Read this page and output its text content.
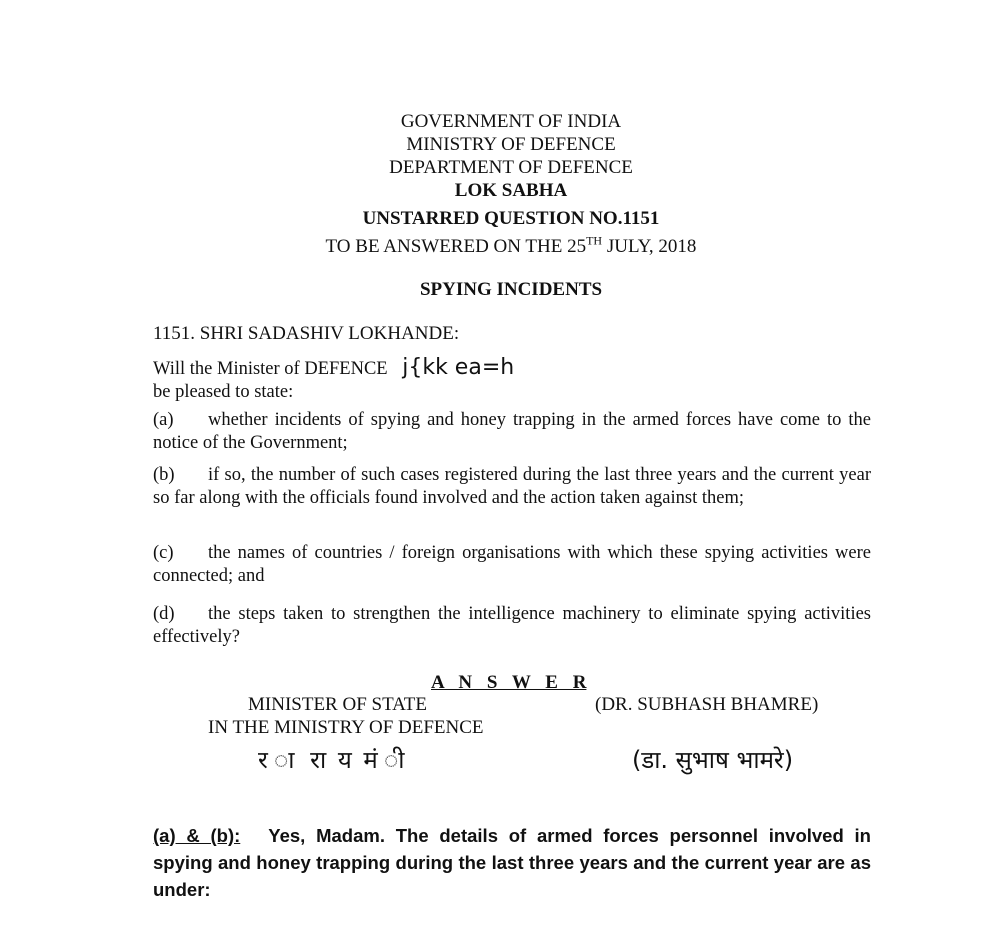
GOVERNMENT OF INDIA
MINISTRY OF DEFENCE
DEPARTMENT OF DEFENCE
LOK SABHA
UNSTARRED QUESTION NO.1151
TO BE ANSWERED ON THE 25TH JULY, 2018
SPYING INCIDENTS
1151. SHRI SADASHIV LOKHANDE:
Will the Minister of DEFENCE j{kk ea=h
be pleased to state:
(a) whether incidents of spying and honey trapping in the armed forces have come to the notice of the Government;
(b) if so, the number of such cases registered during the last three years and the current year so far along with the officials found involved and the action taken against them;
(c) the names of countries / foreign organisations with which these spying activities were connected; and
(d) the steps taken to strengthen the intelligence machinery to eliminate spying activities effectively?
A N S W E R
MINISTER OF STATE
IN THE MINISTRY OF DEFENCE
(DR. SUBHASH BHAMRE)
र ा रा य मं ी	(डा. सुभाष भामरे)
(a) & (b): Yes, Madam. The details of armed forces personnel involved in spying and honey trapping during the last three years and the current year are as under:
